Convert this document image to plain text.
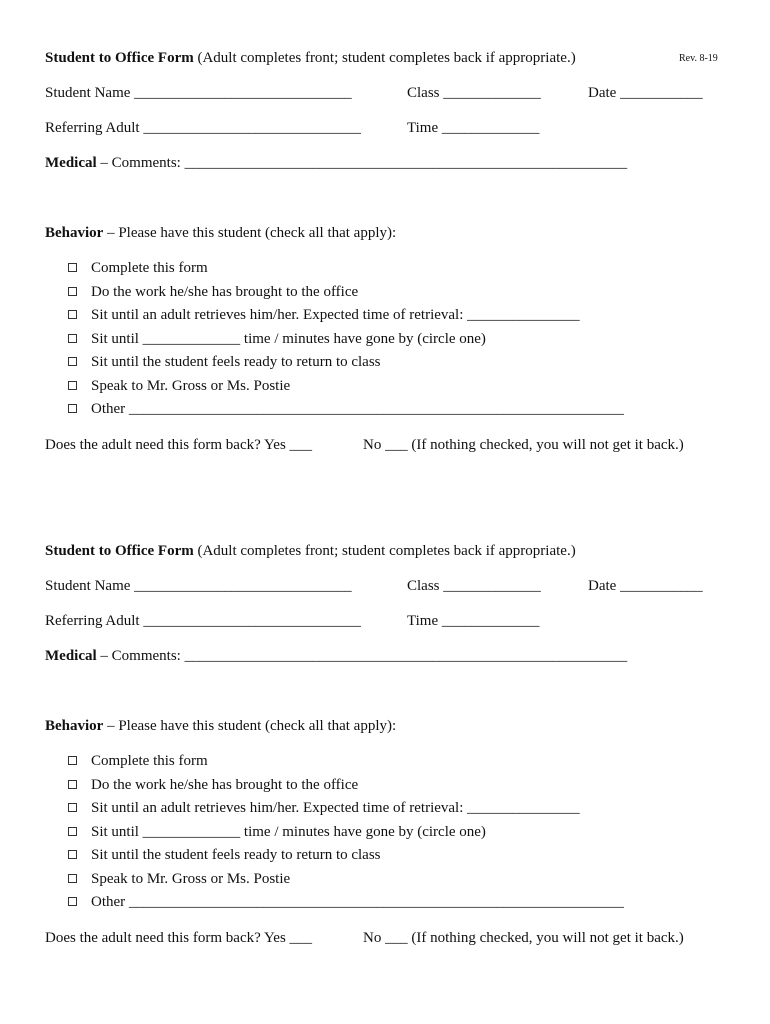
Student to Office Form (Adult completes front; student completes back if appropriate.)	Rev. 8-19
Student Name _____________________________	Class _____________	Date ___________
Referring Adult _____________________________	Time _____________
Medical – Comments: ___________________________________________________________
Behavior – Please have this student (check all that apply):
Complete this form
Do the work he/she has brought to the office
Sit until an adult retrieves him/her. Expected time of retrieval: _______________
Sit until _____________ time / minutes have gone by (circle one)
Sit until the student feels ready to return to class
Speak to Mr. Gross or Ms. Postie
Other __________________________________________________________________
Does the adult need this form back? Yes ___	No ___ (If nothing checked, you will not get it back.)
Student to Office Form (Adult completes front; student completes back if appropriate.)
Student Name _____________________________	Class _____________	Date ___________
Referring Adult _____________________________	Time _____________
Medical – Comments: ___________________________________________________________
Behavior – Please have this student (check all that apply):
Complete this form
Do the work he/she has brought to the office
Sit until an adult retrieves him/her. Expected time of retrieval: _______________
Sit until _____________ time / minutes have gone by (circle one)
Sit until the student feels ready to return to class
Speak to Mr. Gross or Ms. Postie
Other __________________________________________________________________
Does the adult need this form back? Yes ___	No ___ (If nothing checked, you will not get it back.)
